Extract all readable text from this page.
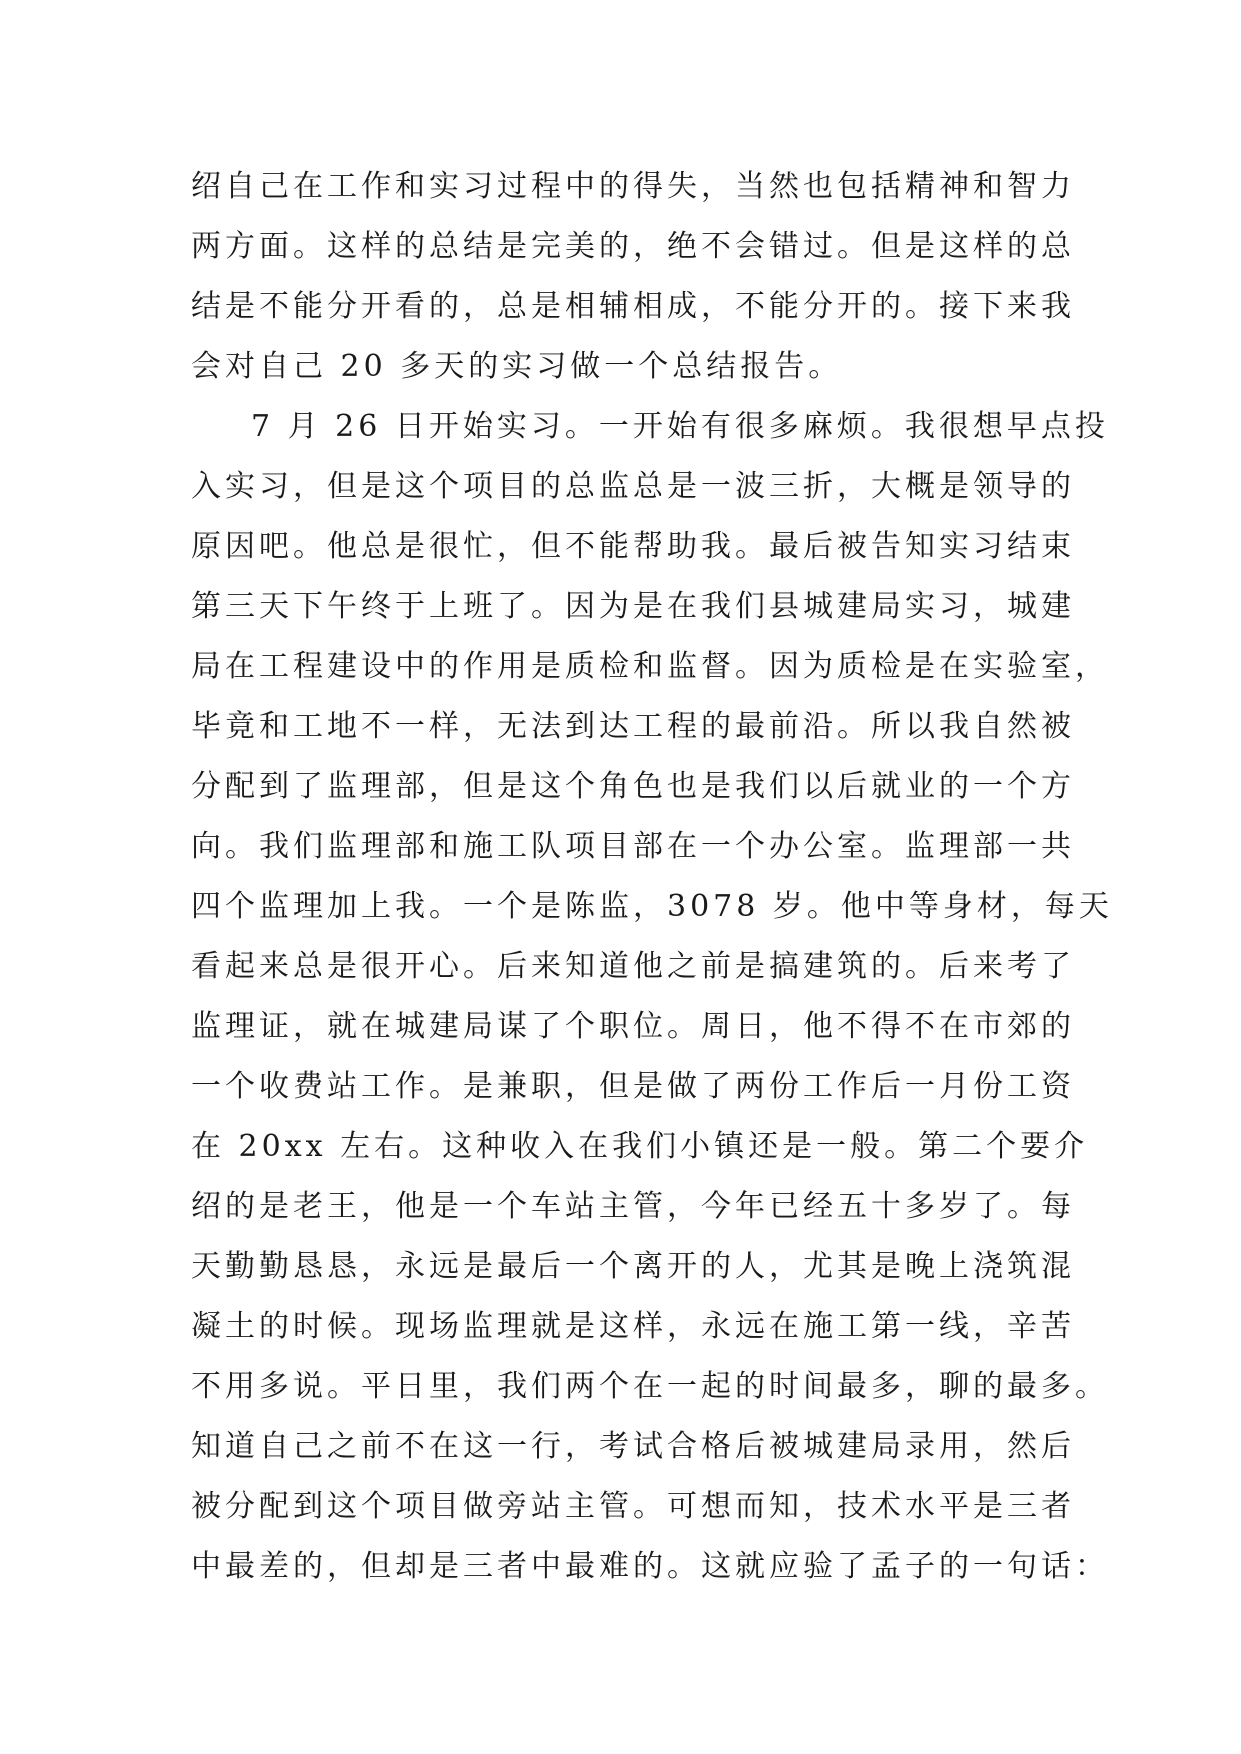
绍自己在工作和实习过程中的得失，当然也包括精神和智力
两方面。这样的总结是完美的，绝不会错过。但是这样的总
结是不能分开看的，总是相辅相成，不能分开的。接下来我
会对自己 20 多天的实习做一个总结报告。
7 月 26 日开始实习。一开始有很多麻烦。我很想早点投
入实习，但是这个项目的总监总是一波三折，大概是领导的
原因吧。他总是很忙，但不能帮助我。最后被告知实习结束
第三天下午终于上班了。因为是在我们县城建局实习，城建
局在工程建设中的作用是质检和监督。因为质检是在实验室，
毕竟和工地不一样，无法到达工程的最前沿。所以我自然被
分配到了监理部，但是这个角色也是我们以后就业的一个方
向。我们监理部和施工队项目部在一个办公室。监理部一共
四个监理加上我。一个是陈监，3078 岁。他中等身材，每天
看起来总是很开心。后来知道他之前是搞建筑的。后来考了
监理证，就在城建局谋了个职位。周日，他不得不在市郊的
一个收费站工作。是兼职，但是做了两份工作后一月份工资
在 20xx 左右。这种收入在我们小镇还是一般。第二个要介
绍的是老王，他是一个车站主管，今年已经五十多岁了。每
天勤勤恳恳，永远是最后一个离开的人，尤其是晚上浇筑混
凝土的时候。现场监理就是这样，永远在施工第一线，辛苦
不用多说。平日里，我们两个在一起的时间最多，聊的最多。
知道自己之前不在这一行，考试合格后被城建局录用，然后
被分配到这个项目做旁站主管。可想而知，技术水平是三者
中最差的，但却是三者中最难的。这就应验了孟子的一句话：
